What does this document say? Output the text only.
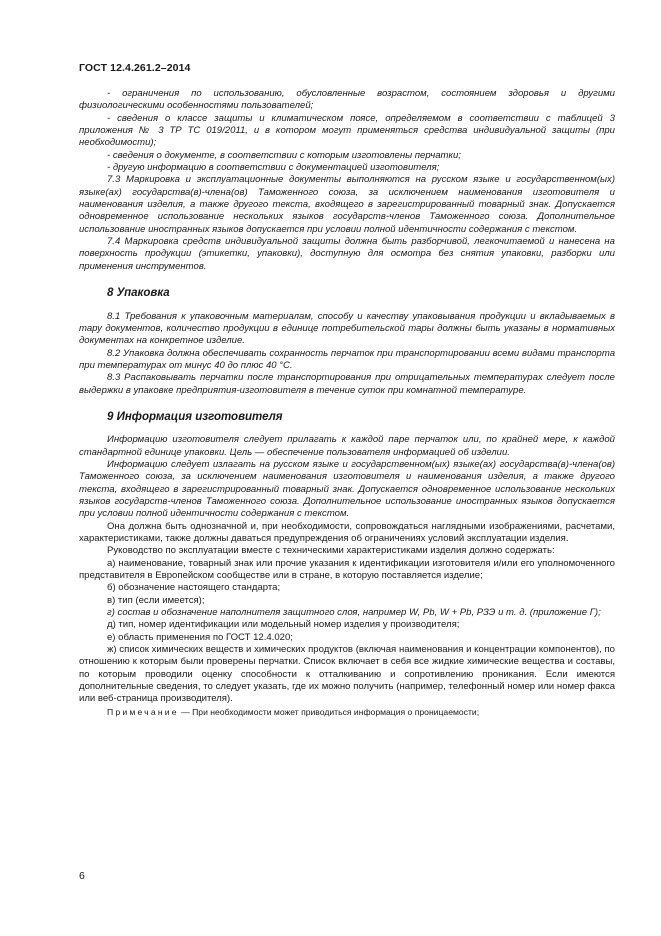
ГОСТ 12.4.261.2–2014

- ограничения по использованию, обусловленные возрастом, состоянием здоровья и другими физиологическими особенностями пользователей;

- сведения о классе защиты и климатическом поясе, определяемом в соответствии с таблицей 3 приложения № 3 ТР ТС 019/2011, и в котором могут применяться средства индивидуальной защиты (при необходимости);

- сведения о документе, в соответствии с которым изготовлены перчатки;

- другую информацию в соответствии с документацией изготовителя;

7.3 Маркировка и эксплуатационные документы выполняются на русском языке и государственном(ых) языке(ах) государства(в)-члена(ов) Таможенного союза, за исключением наименования изготовителя и наименования изделия, а также другого текста, входящего в зарегистрированный товарный знак. Допускается одновременное использование нескольких языков государств-членов Таможенного союза. Дополнительное использование иностранных языков допускается при условии полной идентичности содержания с текстом.

7.4 Маркировка средств индивидуальной защиты должна быть разборчивой, легкочитаемой и нанесена на поверхность продукции (этикетки, упаковки), доступную для осмотра без снятия упаковки, разборки или применения инструментов.

8 Упаковка

8.1 Требования к упаковочным материалам, способу и качеству упаковывания продукции и вкладываемых в тару документов, количество продукции в единице потребительской тары должны быть указаны в нормативных документах на конкретное изделие.

8.2 Упаковка должна обеспечивать сохранность перчаток при транспортировании всеми видами транспорта при температурах от минус 40 до плюс 40 °С.

8.3 Распаковывать перчатки после транспортирования при отрицательных температурах следует после выдержки в упаковке предприятия-изготовителя в течение суток при комнатной температуре.

9 Информация изготовителя

Информацию изготовителя следует прилагать к каждой паре перчаток или, по крайней мере, к каждой стандартной единице упаковки. Цель — обеспечение пользователя информацией об изделии.

Информацию следует излагать на русском языке и государственном(ых) языке(ах) государства(в)-члена(ов) Таможенного союза, за исключением наименования изготовителя и наименования изделия, а также другого текста, входящего в зарегистрированный товарный знак. Допускается одновременное использование нескольких языков государств-членов Таможенного союза. Дополнительное использование иностранных языков допускается при условии полной идентичности содержания с текстом.

Она должна быть однозначной и, при необходимости, сопровождаться наглядными изображениями, расчетами, характеристиками, также должны даваться предупреждения об ограничениях условий эксплуатации изделия.

Руководство по эксплуатации вместе с техническими характеристиками изделия должно содержать:

а) наименование, товарный знак или прочие указания к идентификации изготовителя и/или его уполномоченного представителя в Европейском сообществе или в стране, в которую поставляется изделие;

б) обозначение настоящего стандарта;

в) тип (если имеется);

г) состав и обозначение наполнителя защитного слоя, например W, Pb, W + Pb, РЗЭ и т. д. (приложение Г);

д) тип, номер идентификации или модельный номер изделия у производителя;

е) область применения по ГОСТ 12.4.020;

ж) список химических веществ и химических продуктов (включая наименования и концентрации компонентов), по отношению к которым были проверены перчатки. Список включает в себя все жидкие химические вещества и составы, по которым проводили оценку способности к отталкиванию и сопротивлению проникания. Если имеются дополнительные сведения, то следует указать, где их можно получить (например, телефонный номер или номер факса или веб-страница производителя).

Примечание — При необходимости может приводиться информация о проницаемости;

6
